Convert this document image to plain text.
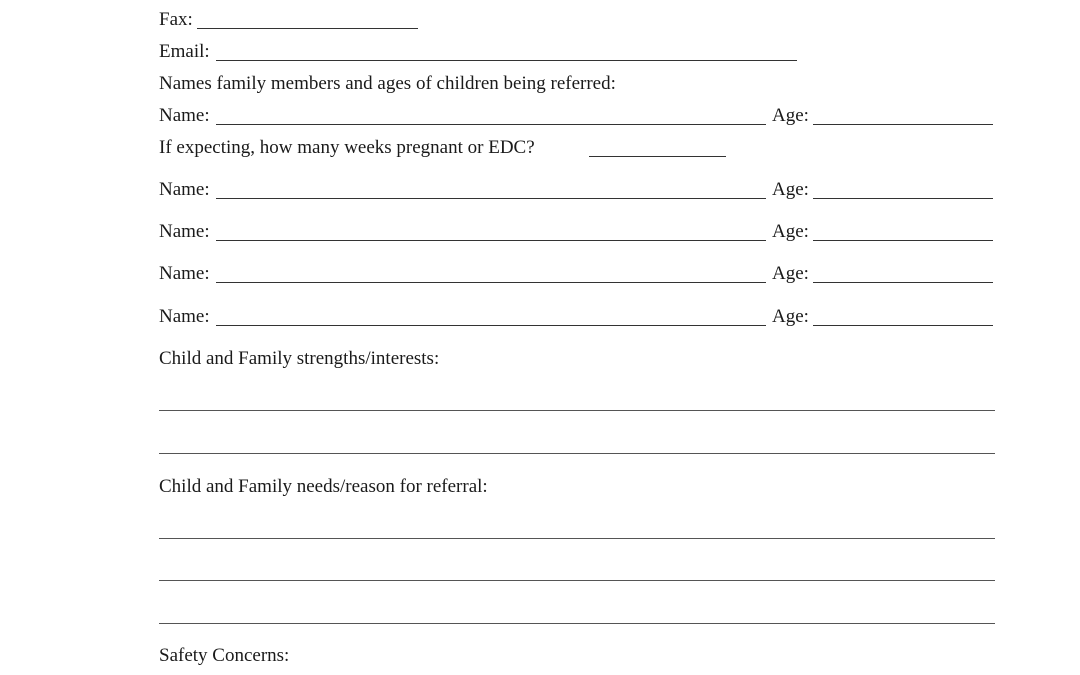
Fax:
Email:
Names family members and ages of children being referred:
Name:	Age:
If expecting, how many weeks pregnant or EDC?
Name:	Age:
Name:	Age:
Name:	Age:
Name:	Age:
Child and Family strengths/interests:
Child and Family needs/reason for referral:
Safety Concerns:
